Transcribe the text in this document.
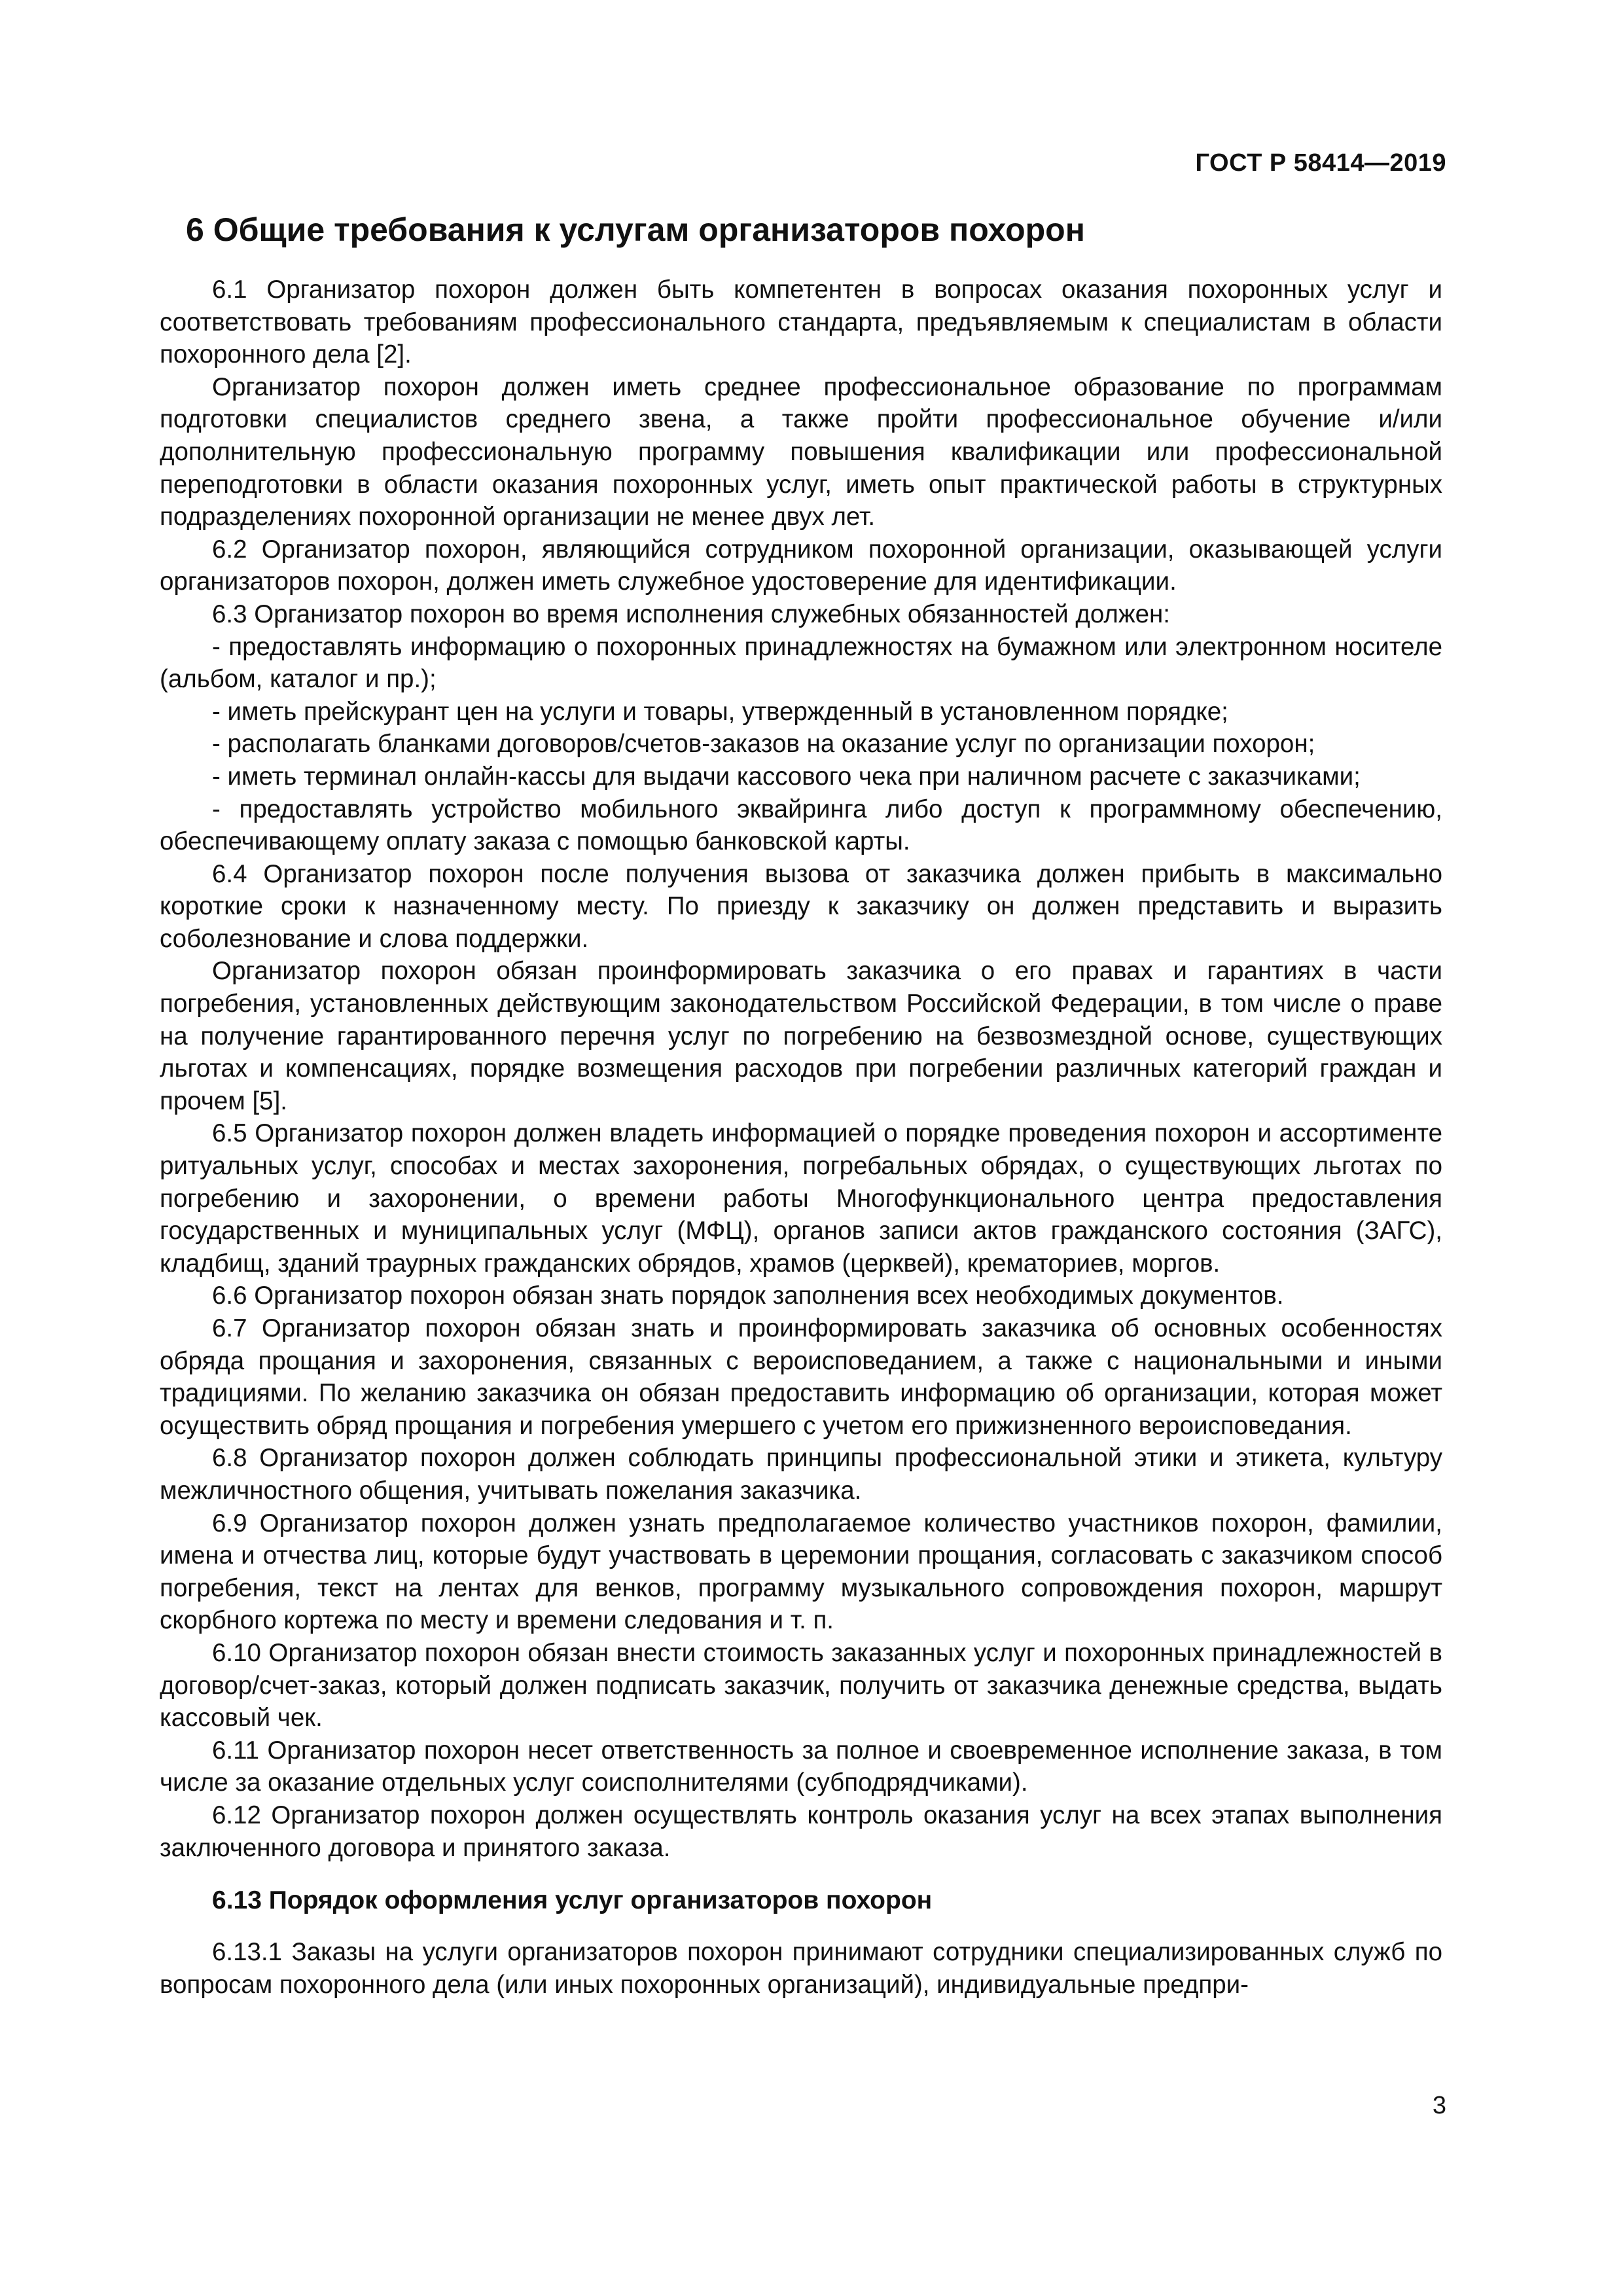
ГОСТ Р 58414—2019
6 Общие требования к услугам организаторов похорон

6.1 Организатор похорон должен быть компетентен в вопросах оказания похоронных услуг и соответствовать требованиям профессионального стандарта, предъявляемым к специалистам в области похоронного дела [2].

Организатор похорон должен иметь среднее профессиональное образование по программам подготовки специалистов среднего звена, а также пройти профессиональное обучение и/или дополнительную профессиональную программу повышения квалификации или профессиональной переподготовки в области оказания похоронных услуг, иметь опыт практической работы в структурных подразделениях похоронной организации не менее двух лет.

6.2 Организатор похорон, являющийся сотрудником похоронной организации, оказывающей услуги организаторов похорон, должен иметь служебное удостоверение для идентификации.

6.3 Организатор похорон во время исполнения служебных обязанностей должен:

- предоставлять информацию о похоронных принадлежностях на бумажном или электронном носителе (альбом, каталог и пр.);

- иметь прейскурант цен на услуги и товары, утвержденный в установленном порядке;

- располагать бланками договоров/счетов-заказов на оказание услуг по организации похорон;

- иметь терминал онлайн-кассы для выдачи кассового чека при наличном расчете с заказчиками;

- предоставлять устройство мобильного эквайринга либо доступ к программному обеспечению, обеспечивающему оплату заказа с помощью банковской карты.

6.4 Организатор похорон после получения вызова от заказчика должен прибыть в максимально короткие сроки к назначенному месту. По приезду к заказчику он должен представить и выразить соболезнование и слова поддержки.

Организатор похорон обязан проинформировать заказчика о его правах и гарантиях в части погребения, установленных действующим законодательством Российской Федерации, в том числе о праве на получение гарантированного перечня услуг по погребению на безвозмездной основе, существующих льготах и компенсациях, порядке возмещения расходов при погребении различных категорий граждан и прочем [5].

6.5 Организатор похорон должен владеть информацией о порядке проведения похорон и ассортименте ритуальных услуг, способах и местах захоронения, погребальных обрядах, о существующих льготах по погребению и захоронении, о времени работы Многофункционального центра предоставления государственных и муниципальных услуг (МФЦ), органов записи актов гражданского состояния (ЗАГС), кладбищ, зданий траурных гражданских обрядов, храмов (церквей), крематориев, моргов.

6.6 Организатор похорон обязан знать порядок заполнения всех необходимых документов.

6.7 Организатор похорон обязан знать и проинформировать заказчика об основных особенностях обряда прощания и захоронения, связанных с вероисповеданием, а также с национальными и иными традициями. По желанию заказчика он обязан предоставить информацию об организации, которая может осуществить обряд прощания и погребения умершего с учетом его прижизненного вероисповедания.

6.8 Организатор похорон должен соблюдать принципы профессиональной этики и этикета, культуру межличностного общения, учитывать пожелания заказчика.

6.9 Организатор похорон должен узнать предполагаемое количество участников похорон, фамилии, имена и отчества лиц, которые будут участвовать в церемонии прощания, согласовать с заказчиком способ погребения, текст на лентах для венков, программу музыкального сопровождения похорон, маршрут скорбного кортежа по месту и времени следования и т. п.

6.10 Организатор похорон обязан внести стоимость заказанных услуг и похоронных принадлежностей в договор/счет-заказ, который должен подписать заказчик, получить от заказчика денежные средства, выдать кассовый чек.

6.11 Организатор похорон несет ответственность за полное и своевременное исполнение заказа, в том числе за оказание отдельных услуг соисполнителями (субподрядчиками).

6.12 Организатор похорон должен осуществлять контроль оказания услуг на всех этапах выполнения заключенного договора и принятого заказа.

6.13 Порядок оформления услуг организаторов похорон

6.13.1 Заказы на услуги организаторов похорон принимают сотрудники специализированных служб по вопросам похоронного дела (или иных похоронных организаций), индивидуальные предпри-

3
